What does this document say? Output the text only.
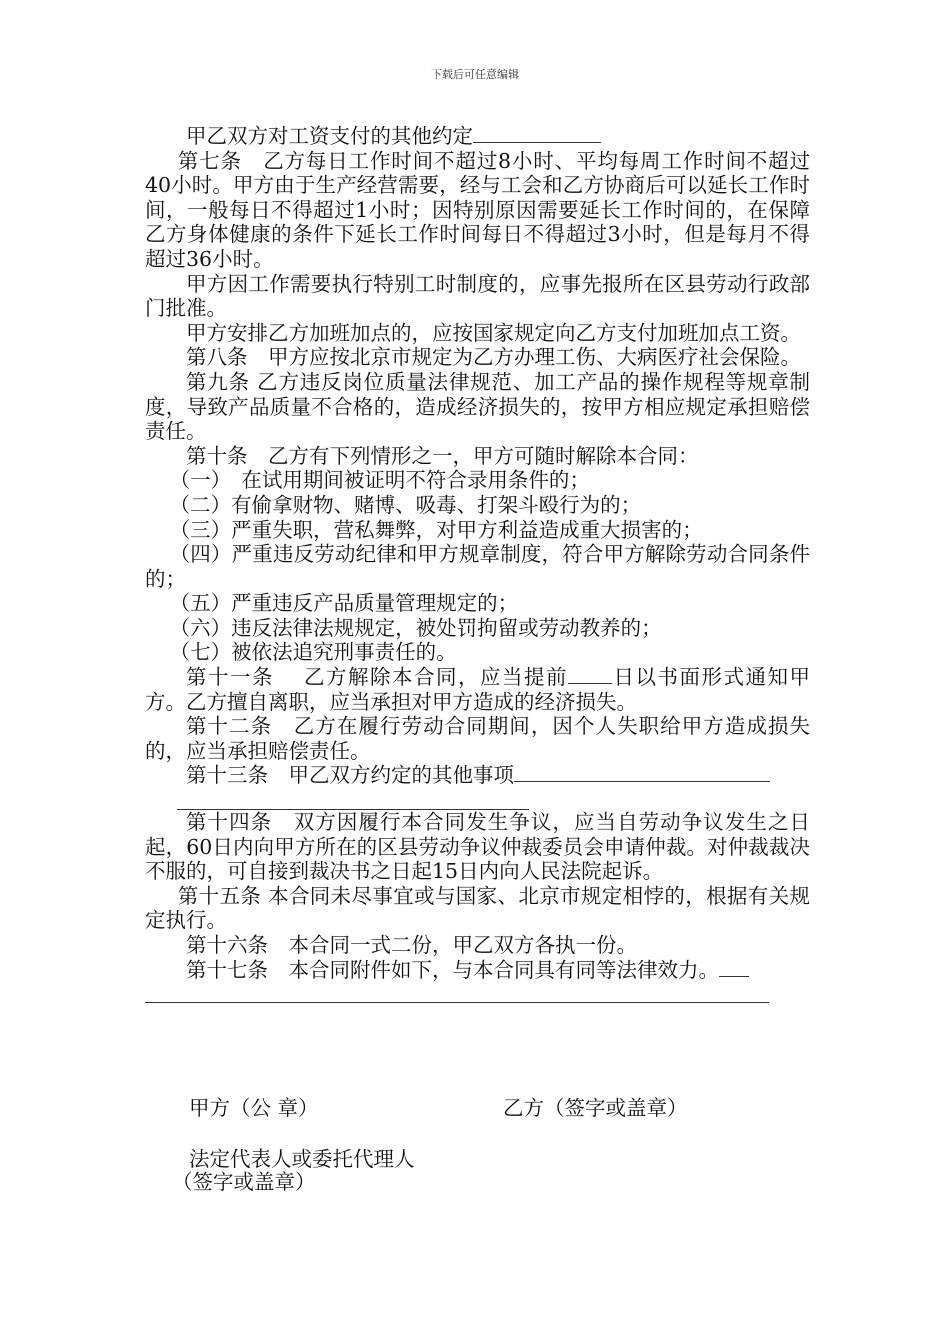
下载后可任意编辑

甲乙双方对工资支付的其他约定

第七条　乙方每日工作时间不超过8小时、平均每周工作时间不超过40小时。甲方由于生产经营需要，经与工会和乙方协商后可以延长工作时间，一般每日不得超过1小时；因特别原因需要延长工作时间的，在保障乙方身体健康的条件下延长工作时间每日不得超过3小时，但是每月不得超过36小时。

甲方因工作需要执行特别工时制度的，应事先报所在区县劳动行政部门批准。

甲方安排乙方加班加点的，应按国家规定向乙方支付加班加点工资。

第八条　甲方应按北京市规定为乙方办理工伤、大病医疗社会保险。

第九条 乙方违反岗位质量法律规范、加工产品的操作规程等规章制度，导致产品质量不合格的，造成经济损失的，按甲方相应规定承担赔偿责任。

第十条　乙方有下列情形之一，甲方可随时解除本合同：

（一）　在试用期间被证明不符合录用条件的；

（二）有偷拿财物、赌博、吸毒、打架斗殴行为的；

（三）严重失职，营私舞弊，对甲方利益造成重大损害的；

（四）严重违反劳动纪律和甲方规章制度，符合甲方解除劳动合同条件的；

（五）严重违反产品质量管理规定的；

（六）违反法律法规规定，被处罚拘留或劳动教养的；

（七）被依法追究刑事责任的。

第十一条　 乙方解除本合同，应当提前 日以书面形式通知甲方。乙方擅自离职，应当承担对甲方造成的经济损失。

第十二条　乙方在履行劳动合同期间，因个人失职给甲方造成损失的，应当承担赔偿责任。

第十三条　甲乙双方约定的其他事项

第十四条　双方因履行本合同发生争议，应当自劳动争议发生之日起，60日内向甲方所在的区县劳动争议仲裁委员会申请仲裁。对仲裁裁决不服的，可自接到裁决书之日起15日内向人民法院起诉。

第十五条 本合同未尽事宜或与国家、北京市规定相悖的，根据有关规定执行。

第十六条　本合同一式二份，甲乙双方各执一份。

第十七条　本合同附件如下，与本合同具有同等法律效力。

甲方（公 章）	乙方（签字或盖章）
法定代表人或委托代理人
（签字或盖章）
